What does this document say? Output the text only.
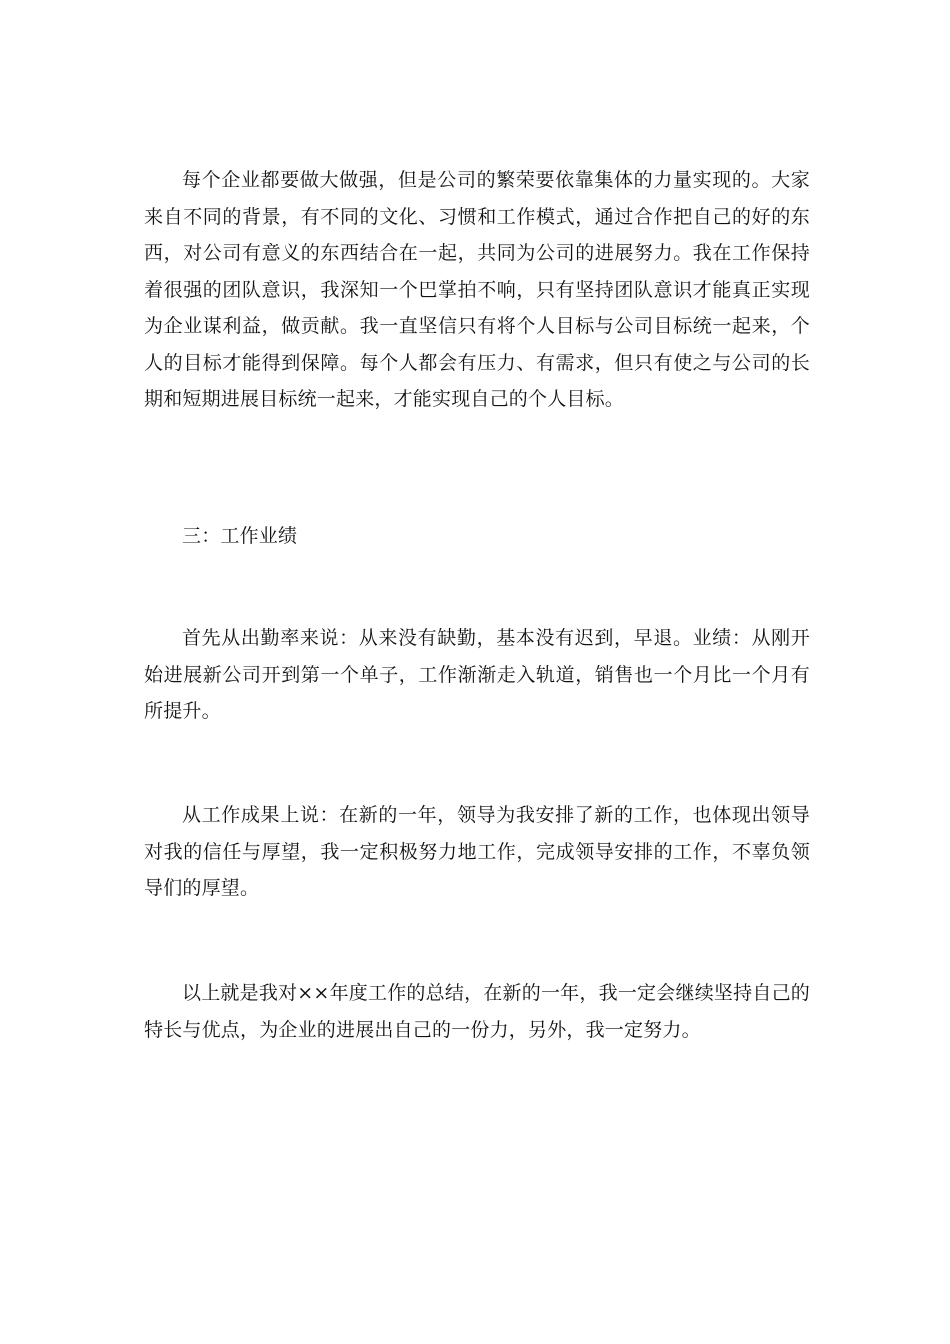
每个企业都要做大做强，但是公司的繁荣要依靠集体的力量实现的。大家来自不同的背景，有不同的文化、习惯和工作模式，通过合作把自己的好的东西，对公司有意义的东西结合在一起，共同为公司的进展努力。我在工作保持着很强的团队意识，我深知一个巴掌拍不响，只有坚持团队意识才能真正实现为企业谋利益，做贡献。我一直坚信只有将个人目标与公司目标统一起来，个人的目标才能得到保障。每个人都会有压力、有需求，但只有使之与公司的长期和短期进展目标统一起来，才能实现自己的个人目标。

三：工作业绩

首先从出勤率来说：从来没有缺勤，基本没有迟到，早退。业绩：从刚开始进展新公司开到第一个单子，工作渐渐走入轨道，销售也一个月比一个月有所提升。

从工作成果上说：在新的一年，领导为我安排了新的工作，也体现出领导对我的信任与厚望，我一定积极努力地工作，完成领导安排的工作，不辜负领导们的厚望。

以上就是我对××年度工作的总结，在新的一年，我一定会继续坚持自己的特长与优点，为企业的进展出自己的一份力，另外，我一定努力。
